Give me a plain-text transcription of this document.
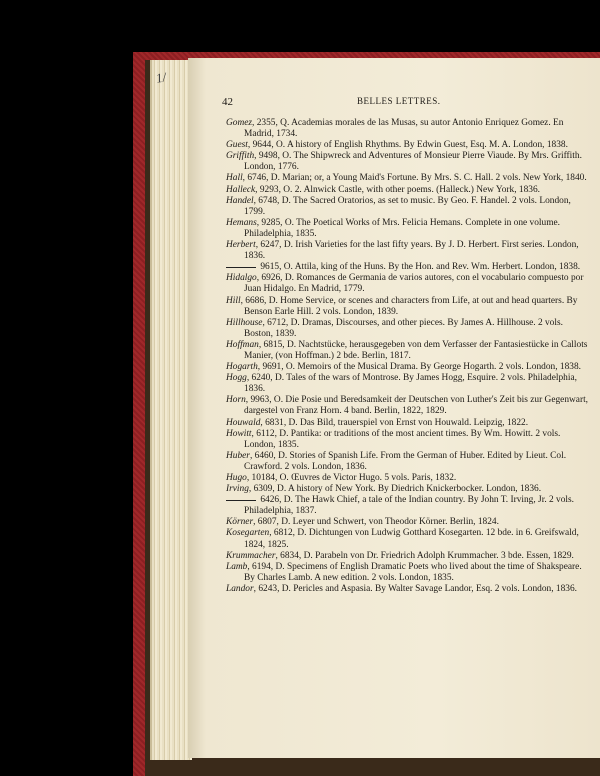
1/
42	BELLES LETTRES.

Gomez, 2355, Q. Academias morales de las Musas, su autor Antonio Enriquez Gomez. En Madrid, 1734.

Guest, 9644, O. A history of English Rhythms. By Edwin Guest, Esq. M. A. London, 1838.

Griffith, 9498, O. The Shipwreck and Adventures of Monsieur Pierre Viaude. By Mrs. Griffith. London, 1776.

Hall, 6746, D. Marian; or, a Young Maid's Fortune. By Mrs. S. C. Hall. 2 vols. New York, 1840.

Halleck, 9293, O. 2. Alnwick Castle, with other poems. (Halleck.) New York, 1836.

Handel, 6748, D. The Sacred Oratorios, as set to music. By Geo. F. Handel. 2 vols. London, 1799.

Hemans, 9285, O. The Poetical Works of Mrs. Felicia Hemans. Complete in one volume. Philadelphia, 1835.

Herbert, 6247, D. Irish Varieties for the last fifty years. By J. D. Herbert. First series. London, 1836.

9615, O. Attila, king of the Huns. By the Hon. and Rev. Wm. Herbert. London, 1838.

Hidalgo, 6926, D. Romances de Germania de varios autores, con el vocabulario compuesto por Juan Hidalgo. En Madrid, 1779.

Hill, 6686, D. Home Service, or scenes and characters from Life, at out and head quarters. By Benson Earle Hill. 2 vols. London, 1839.

Hillhouse, 6712, D. Dramas, Discourses, and other pieces. By James A. Hillhouse. 2 vols. Boston, 1839.

Hoffman, 6815, D. Nachtstücke, herausgegeben von dem Verfasser der Fantasiestücke in Callots Manier, (von Hoffman.) 2 bde. Berlin, 1817.

Hogarth, 9691, O. Memoirs of the Musical Drama. By George Hogarth. 2 vols. London, 1838.

Hogg, 6240, D. Tales of the wars of Montrose. By James Hogg, Esquire. 2 vols. Philadelphia, 1836.

Horn, 9963, O. Die Posie und Beredsamkeit der Deutschen von Luther's Zeit bis zur Gegenwart, dargestel von Franz Horn. 4 band. Berlin, 1822, 1829.

Houwald, 6831, D. Das Bild, trauerspiel von Ernst von Houwald. Leipzig, 1822.

Howitt, 6112, D. Pantika: or traditions of the most ancient times. By Wm. Howitt. 2 vols. London, 1835.

Huber, 6460, D. Stories of Spanish Life. From the German of Huber. Edited by Lieut. Col. Crawford. 2 vols. London, 1836.

Hugo, 10184, O. Œuvres de Victor Hugo. 5 vols. Paris, 1832.

Irving, 6309, D. A history of New York. By Diedrich Knickerbocker. London, 1836.

6426, D. The Hawk Chief, a tale of the Indian country. By John T. Irving, Jr. 2 vols. Philadelphia, 1837.

Körner, 6807, D. Leyer und Schwert, von Theodor Körner. Berlin, 1824.

Kosegarten, 6812, D. Dichtungen von Ludwig Gotthard Kosegarten. 12 bde. in 6. Greifswald, 1824, 1825.

Krummacher, 6834, D. Parabeln von Dr. Friedrich Adolph Krummacher. 3 bde. Essen, 1829.

Lamb, 6194, D. Specimens of English Dramatic Poets who lived about the time of Shakspeare. By Charles Lamb. A new edition. 2 vols. London, 1835.

Landor, 6243, D. Pericles and Aspasia. By Walter Savage Landor, Esq. 2 vols. London, 1836.
